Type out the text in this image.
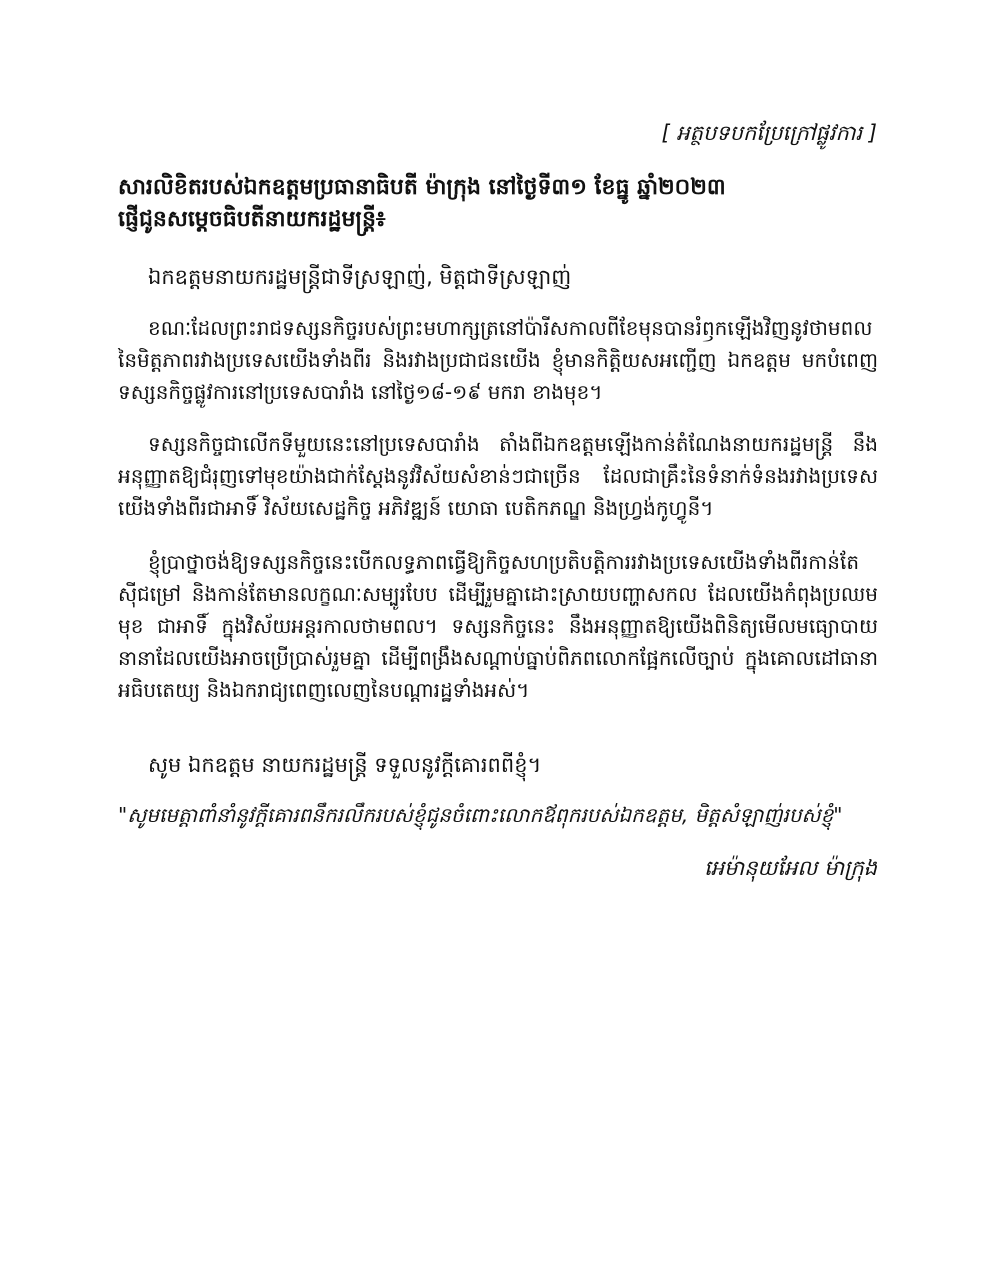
[ អត្ថបទបកប្រែក្រៅផ្លូវការ ]
សារលិខិតរបស់ឯកឧត្តមប្រធានាធិបតី ម៉ាក្រុង នៅថ្ងៃទី៣១ ខែធ្នូ ឆ្នាំ២០២៣
ផ្ញើជូនសម្តេចធិបតីនាយករដ្ឋមន្ត្រី៖
ឯកឧត្តមនាយករដ្ឋមន្ត្រីជាទីស្រឡាញ់, មិត្តជាទីស្រឡាញ់
ខណៈដែលព្រះរាជទស្សនកិច្ចរបស់ព្រះមហាក្សត្រនៅប៉ារីសកាលពីខែមុនបានរំឭកឡើងវិញនូវថាមពលនៃមិត្តភាពរវាងប្រទេសយើងទាំងពីរ និងរវាងប្រជាជនយើង ខ្ញុំមានកិត្តិយសអញ្ជើញ ឯកឧត្តម មកបំពេញទស្សនកិច្ចផ្លូវការនៅប្រទេសបារាំង នៅថ្ងៃ១៨-១៩ មករា ខាងមុខ។
ទស្សនកិច្ចជាលើកទីមួយនេះនៅប្រទេសបារាំង តាំងពីឯកឧត្តមឡើងកាន់តំណែងនាយករដ្ឋមន្ត្រី នឹងអនុញ្ញាតឱ្យជំរុញទៅមុខយ៉ាងជាក់ស្តែងនូវវិស័យសំខាន់ៗជាច្រើន ដែលជាគ្រឹះនៃទំនាក់ទំនងរវាងប្រទេសយើងទាំងពីរជាអាទិ៍ វិស័យសេដ្ឋកិច្ច អភិវឌ្ឍន៍ យោធា បេតិកភណ្ឌ និងហ្វ្រង់កូហ្វូនី។
ខ្ញុំប្រាថ្នាចង់ឱ្យទស្សនកិច្ចនេះបើកលទ្ធភាពធ្វើឱ្យកិច្ចសហប្រតិបត្តិការរវាងប្រទេសយើងទាំងពីរកាន់តែស៊ីជម្រៅ និងកាន់តែមានលក្ខណៈសម្បូរបែប ដើម្បីរួមគ្នាដោះស្រាយបញ្ហាសកល ដែលយើងកំពុងប្រឈមមុខ ជាអាទិ៍ ក្នុងវិស័យអន្តរកាលថាមពល។ ទស្សនកិច្ចនេះ នឹងអនុញ្ញាតឱ្យយើងពិនិត្យមើលមធ្យោបាយនានាដែលយើងអាចប្រើប្រាស់រួមគ្នា ដើម្បីពង្រឹងសណ្តាប់ធ្នាប់ពិភពលោកផ្អែកលើច្បាប់ ក្នុងគោលដៅធានាអធិបតេយ្យ និងឯករាជ្យពេញលេញនៃបណ្តារដ្ឋទាំងអស់។
សូម ឯកឧត្តម នាយករដ្ឋមន្ត្រី ទទួលនូវក្តីគោរពពីខ្ញុំ។
"សូមមេត្តាពាំនាំនូវក្តីគោរពនឹករលឹករបស់ខ្ញុំជូនចំពោះលោកឪពុករបស់ឯកឧត្តម, មិត្តសំឡាញ់របស់ខ្ញុំ"
អេម៉ានុយអែល ម៉ាក្រុង
